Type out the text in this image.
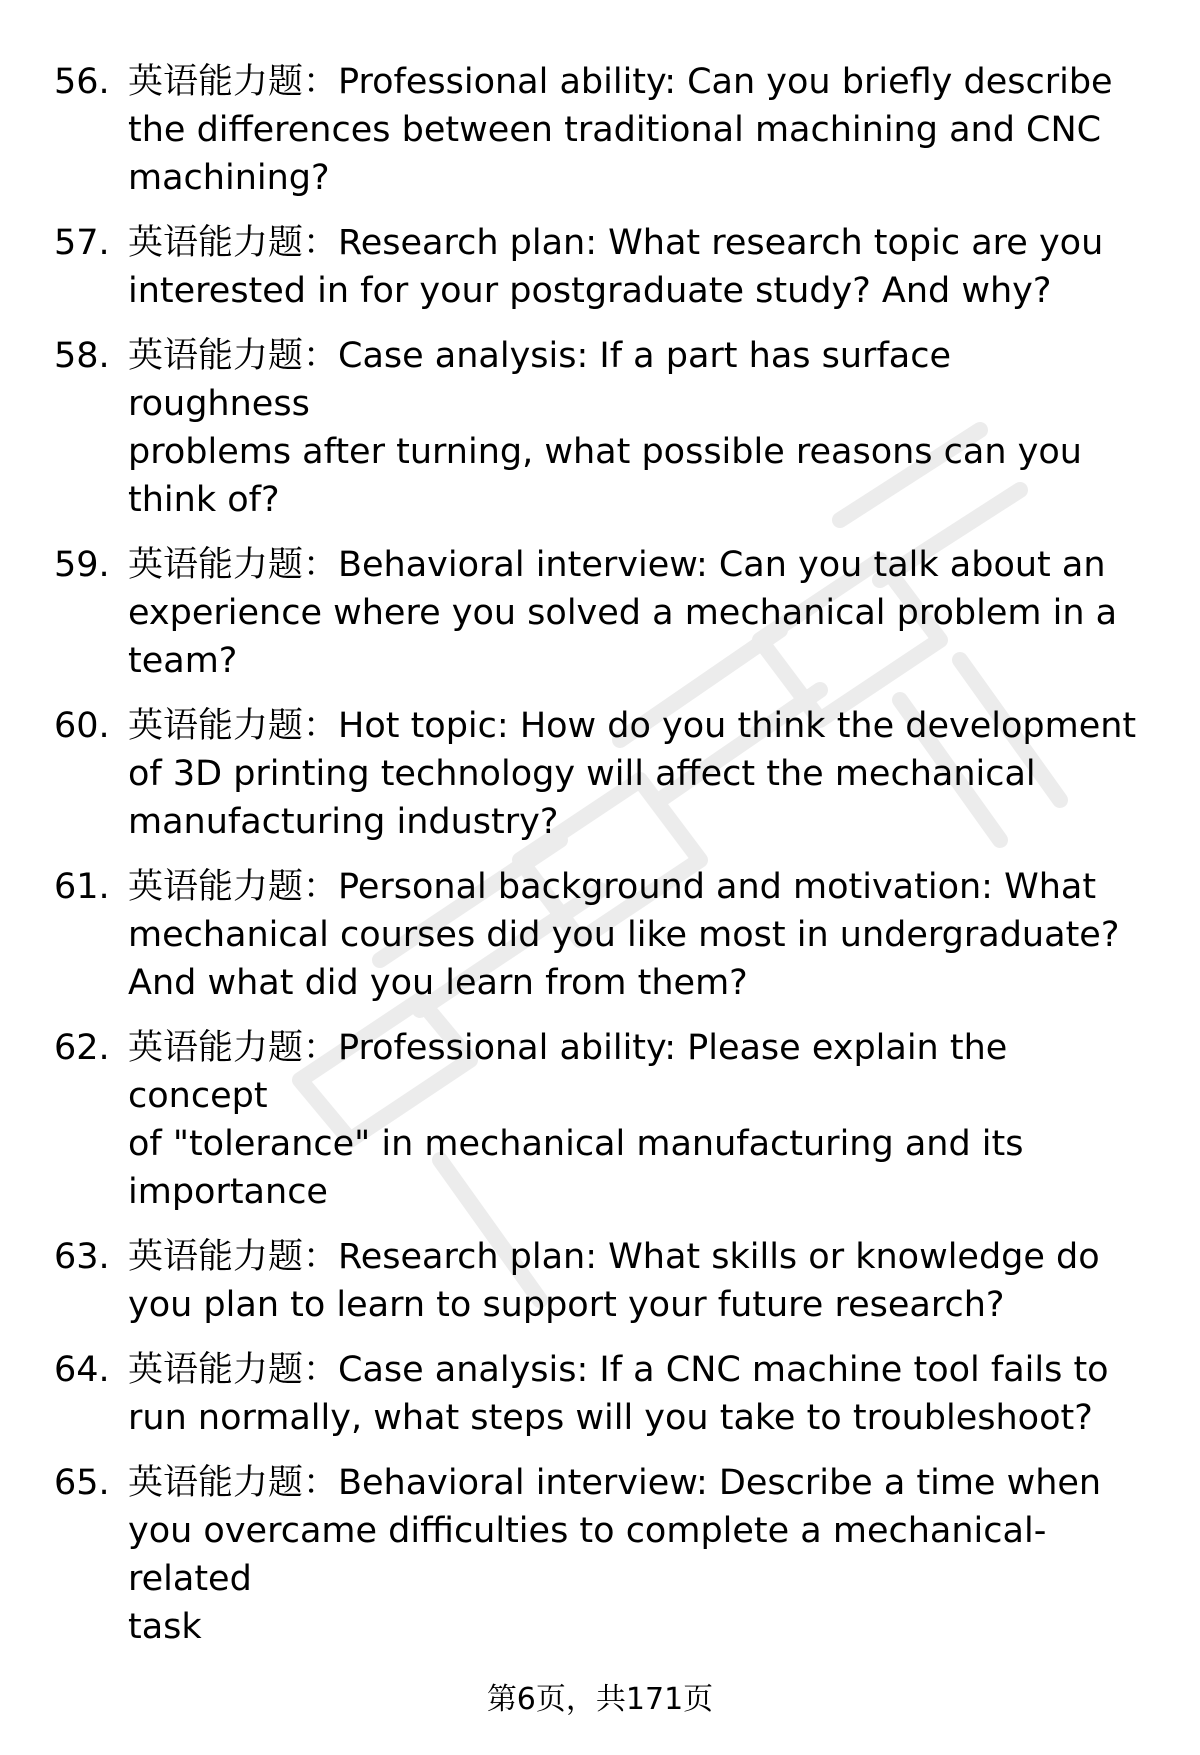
56. 英语能力题：Professional ability: Can you briefly describe
the differences between traditional machining and CNC
machining?
57. 英语能力题：Research plan: What research topic are you
interested in for your postgraduate study? And why?
58. 英语能力题：Case analysis: If a part has surface roughness
problems after turning, what possible reasons can you
think of?
59. 英语能力题：Behavioral interview: Can you talk about an
experience where you solved a mechanical problem in a
team?
60. 英语能力题：Hot topic: How do you think the development
of 3D printing technology will affect the mechanical
manufacturing industry?
61. 英语能力题：Personal background and motivation: What
mechanical courses did you like most in undergraduate?
And what did you learn from them?
62. 英语能力题：Professional ability: Please explain the concept
of "tolerance" in mechanical manufacturing and its
importance
63. 英语能力题：Research plan: What skills or knowledge do
you plan to learn to support your future research?
64. 英语能力题：Case analysis: If a CNC machine tool fails to
run normally, what steps will you take to troubleshoot?
65. 英语能力题：Behavioral interview: Describe a time when
you overcame difficulties to complete a mechanical-related
task
第6页，共171页
